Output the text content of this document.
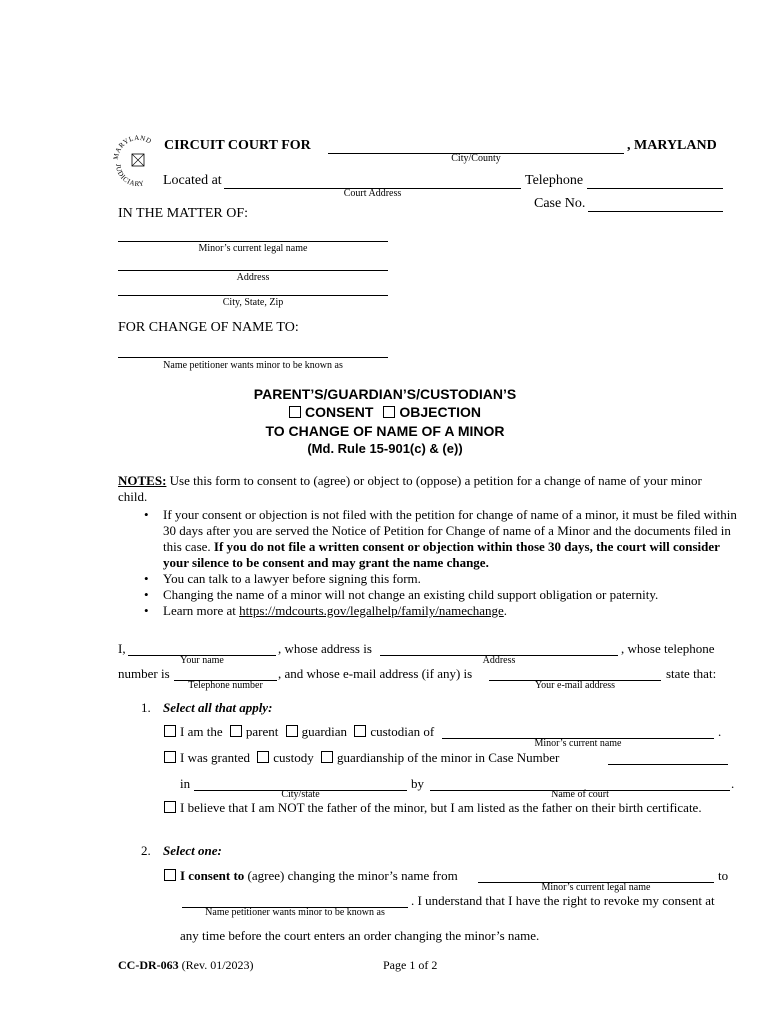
MARYLAND
JUDICIARY
CIRCUIT COURT FOR	, MARYLAND
City/County
Located at
Court Address
Telephone
Case No.
IN THE MATTER OF:
Minor’s current legal name
Address
City, State, Zip
FOR CHANGE OF NAME TO:
Name petitioner wants minor to be known as
PARENT’S/GUARDIAN’S/CUSTODIAN’S
CONSENT OBJECTION
TO CHANGE OF NAME OF A MINOR
(Md. Rule 15-901(c) & (e))
NOTES: Use this form to consent to (agree) or object to (oppose) a petition for a change of name of your minor child.
• If your consent or objection is not filed with the petition for change of name of a minor, it must be filed within 30 days after you are served the Notice of Petition for Change of name of a Minor and the documents filed in this case. If you do not file a written consent or objection within those 30 days, the court will consider your silence to be consent and may grant the name change.
• You can talk to a lawyer before signing this form.
• Changing the name of a minor will not change an existing child support obligation or paternity.
• Learn more at https://mdcourts.gov/legalhelp/family/namechange.
I,
Your name
, whose address is
Address
, whose telephone
number is
Telephone number
, and whose e-mail address (if any) is
Your e-mail address
state that:
1. Select all that apply:
I am the parent guardian custodian of	.
Minor’s current name
I was granted custody guardianship of the minor in Case Number
in
City/state
by	.
Name of court
I believe that I am NOT the father of the minor, but I am listed as the father on their birth certificate.
2. Select one:
I consent to (agree) changing the minor’s name from
Minor’s current legal name
to
Name petitioner wants minor to be known as
. I understand that I have the right to revoke my consent at
any time before the court enters an order changing the minor’s name.
CC-DR-063 (Rev. 01/2023)	Page 1 of 2
